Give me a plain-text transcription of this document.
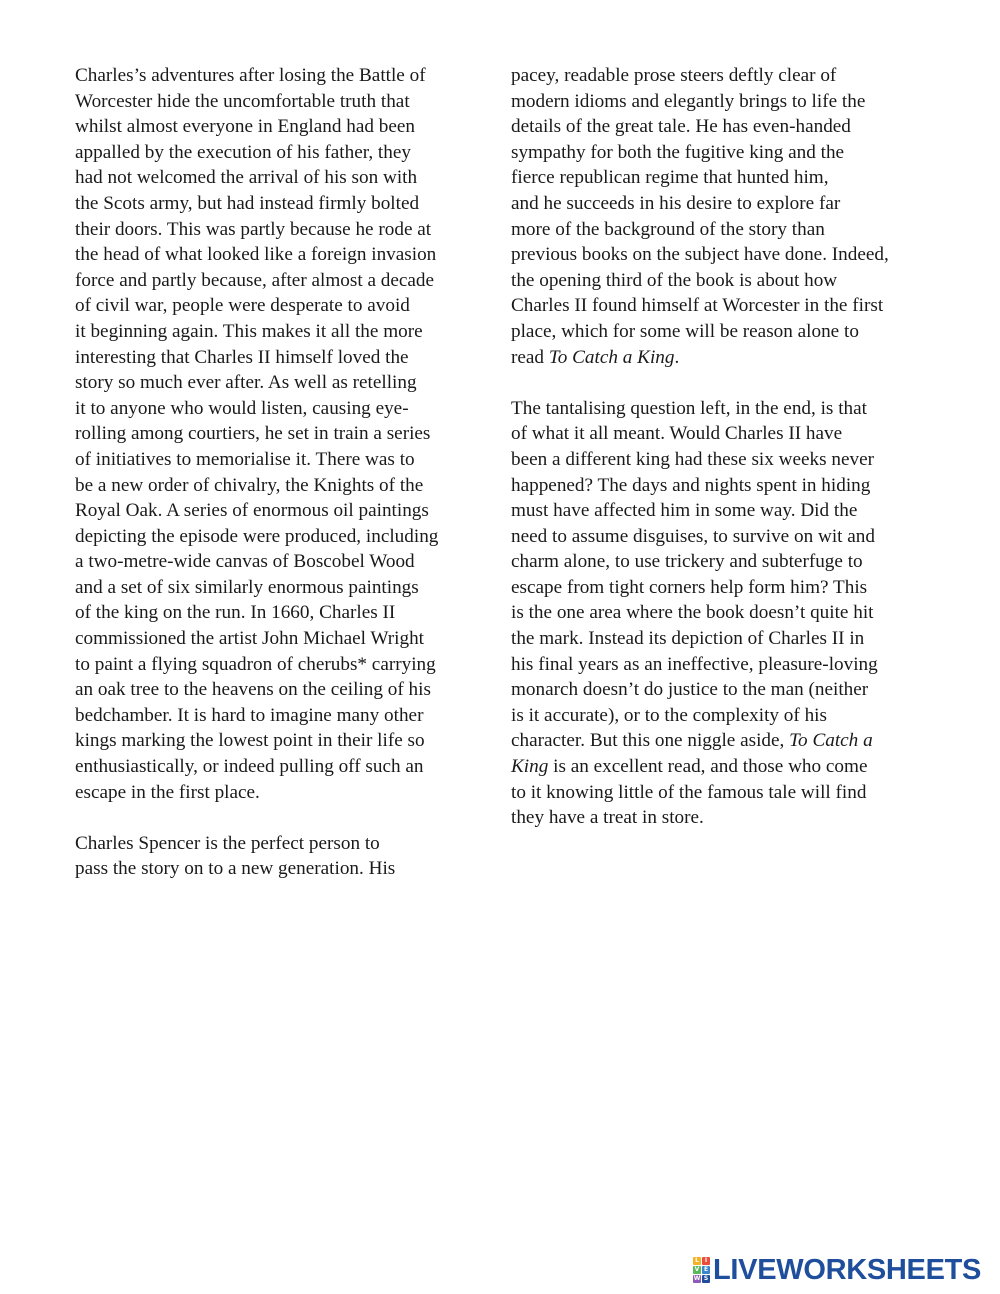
Charles’s adventures after losing the Battle of
Worcester hide the uncomfortable truth that
whilst almost everyone in England had been
appalled by the execution of his father, they
had not welcomed the arrival of his son with
the Scots army, but had instead firmly bolted
their doors. This was partly because he rode at
the head of what looked like a foreign invasion
force and partly because, after almost a decade
of civil war, people were desperate to avoid
it beginning again. This makes it all the more
interesting that Charles II himself loved the
story so much ever after. As well as retelling
it to anyone who would listen, causing eye-
rolling among courtiers, he set in train a series
of initiatives to memorialise it. There was to
be a new order of chivalry, the Knights of the
Royal Oak. A series of enormous oil paintings
depicting the episode were produced, including
a two-metre-wide canvas of Boscobel Wood
and a set of six similarly enormous paintings
of the king on the run. In 1660, Charles II
commissioned the artist John Michael Wright
to paint a flying squadron of cherubs* carrying
an oak tree to the heavens on the ceiling of his
bedchamber. It is hard to imagine many other
kings marking the lowest point in their life so
enthusiastically, or indeed pulling off such an
escape in the first place.
Charles Spencer is the perfect person to
pass the story on to a new generation. His
pacey, readable prose steers deftly clear of
modern idioms and elegantly brings to life the
details of the great tale. He has even-handed
sympathy for both the fugitive king and the
fierce republican regime that hunted him,
and he succeeds in his desire to explore far
more of the background of the story than
previous books on the subject have done. Indeed,
the opening third of the book is about how
Charles II found himself at Worcester in the first
place, which for some will be reason alone to
read To Catch a King.
The tantalising question left, in the end, is that
of what it all meant. Would Charles II have
been a different king had these six weeks never
happened? The days and nights spent in hiding
must have affected him in some way. Did the
need to assume disguises, to survive on wit and
charm alone, to use trickery and subterfuge to
escape from tight corners help form him? This
is the one area where the book doesn’t quite hit
the mark. Instead its depiction of Charles II in
his final years as an ineffective, pleasure-loving
monarch doesn’t do justice to the man (neither
is it accurate), or to the complexity of his
character. But this one niggle aside, To Catch a
King is an excellent read, and those who come
to it knowing little of the famous tale will find
they have a treat in store.
L I
V E
W S LIVEWORKSHEETS
